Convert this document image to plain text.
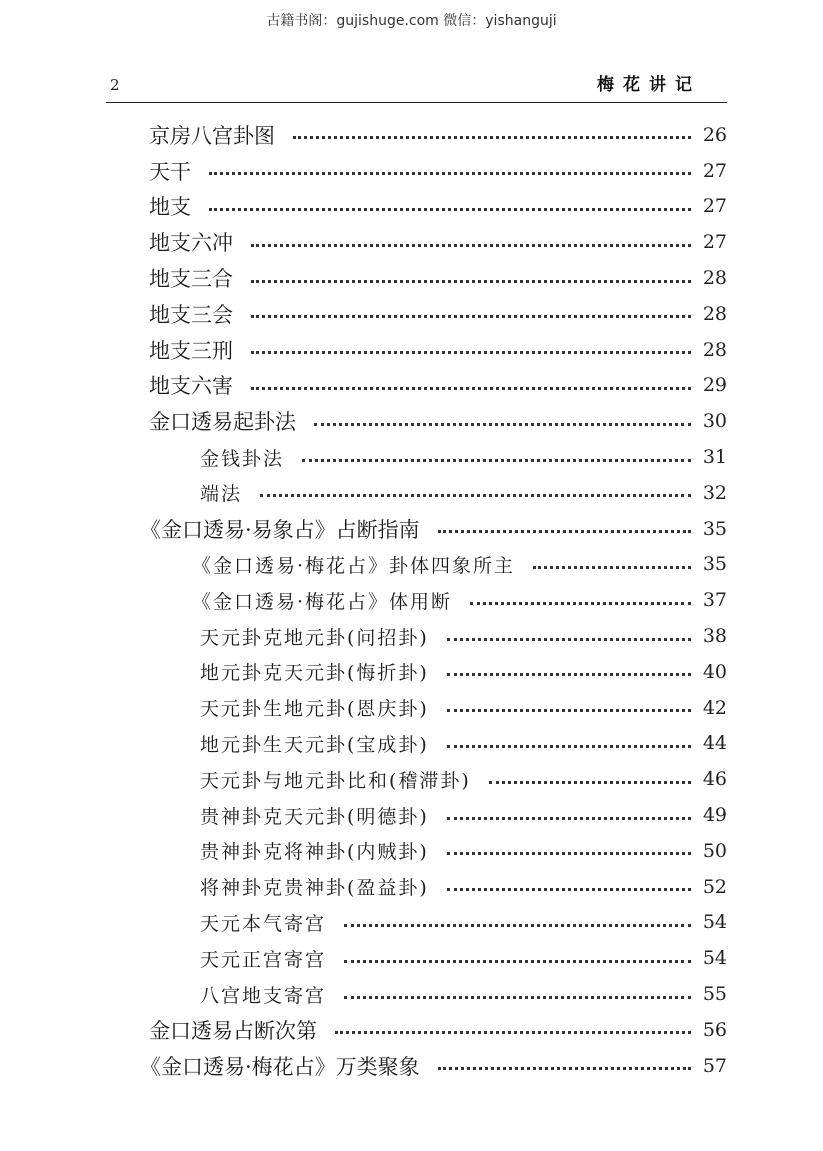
古籍书阁：gujishuge.com 微信：yishanguji
2	梅花讲记
京房八宫卦图	26
天干	27
地支	27
地支六冲	27
地支三合	28
地支三会	28
地支三刑	28
地支六害	29
金口透易起卦法	30
金钱卦法	31
端法	32
《金口透易·易象占》占断指南	35
《金口透易·梅花占》卦体四象所主	35
《金口透易·梅花占》体用断	37
天元卦克地元卦(问招卦)	38
地元卦克天元卦(悔折卦)	40
天元卦生地元卦(恩庆卦)	42
地元卦生天元卦(宝成卦)	44
天元卦与地元卦比和(稽滞卦)	46
贵神卦克天元卦(明德卦)	49
贵神卦克将神卦(内贼卦)	50
将神卦克贵神卦(盈益卦)	52
天元本气寄宫	54
天元正宫寄宫	54
八宫地支寄宫	55
金口透易占断次第	56
《金口透易·梅花占》万类聚象	57
